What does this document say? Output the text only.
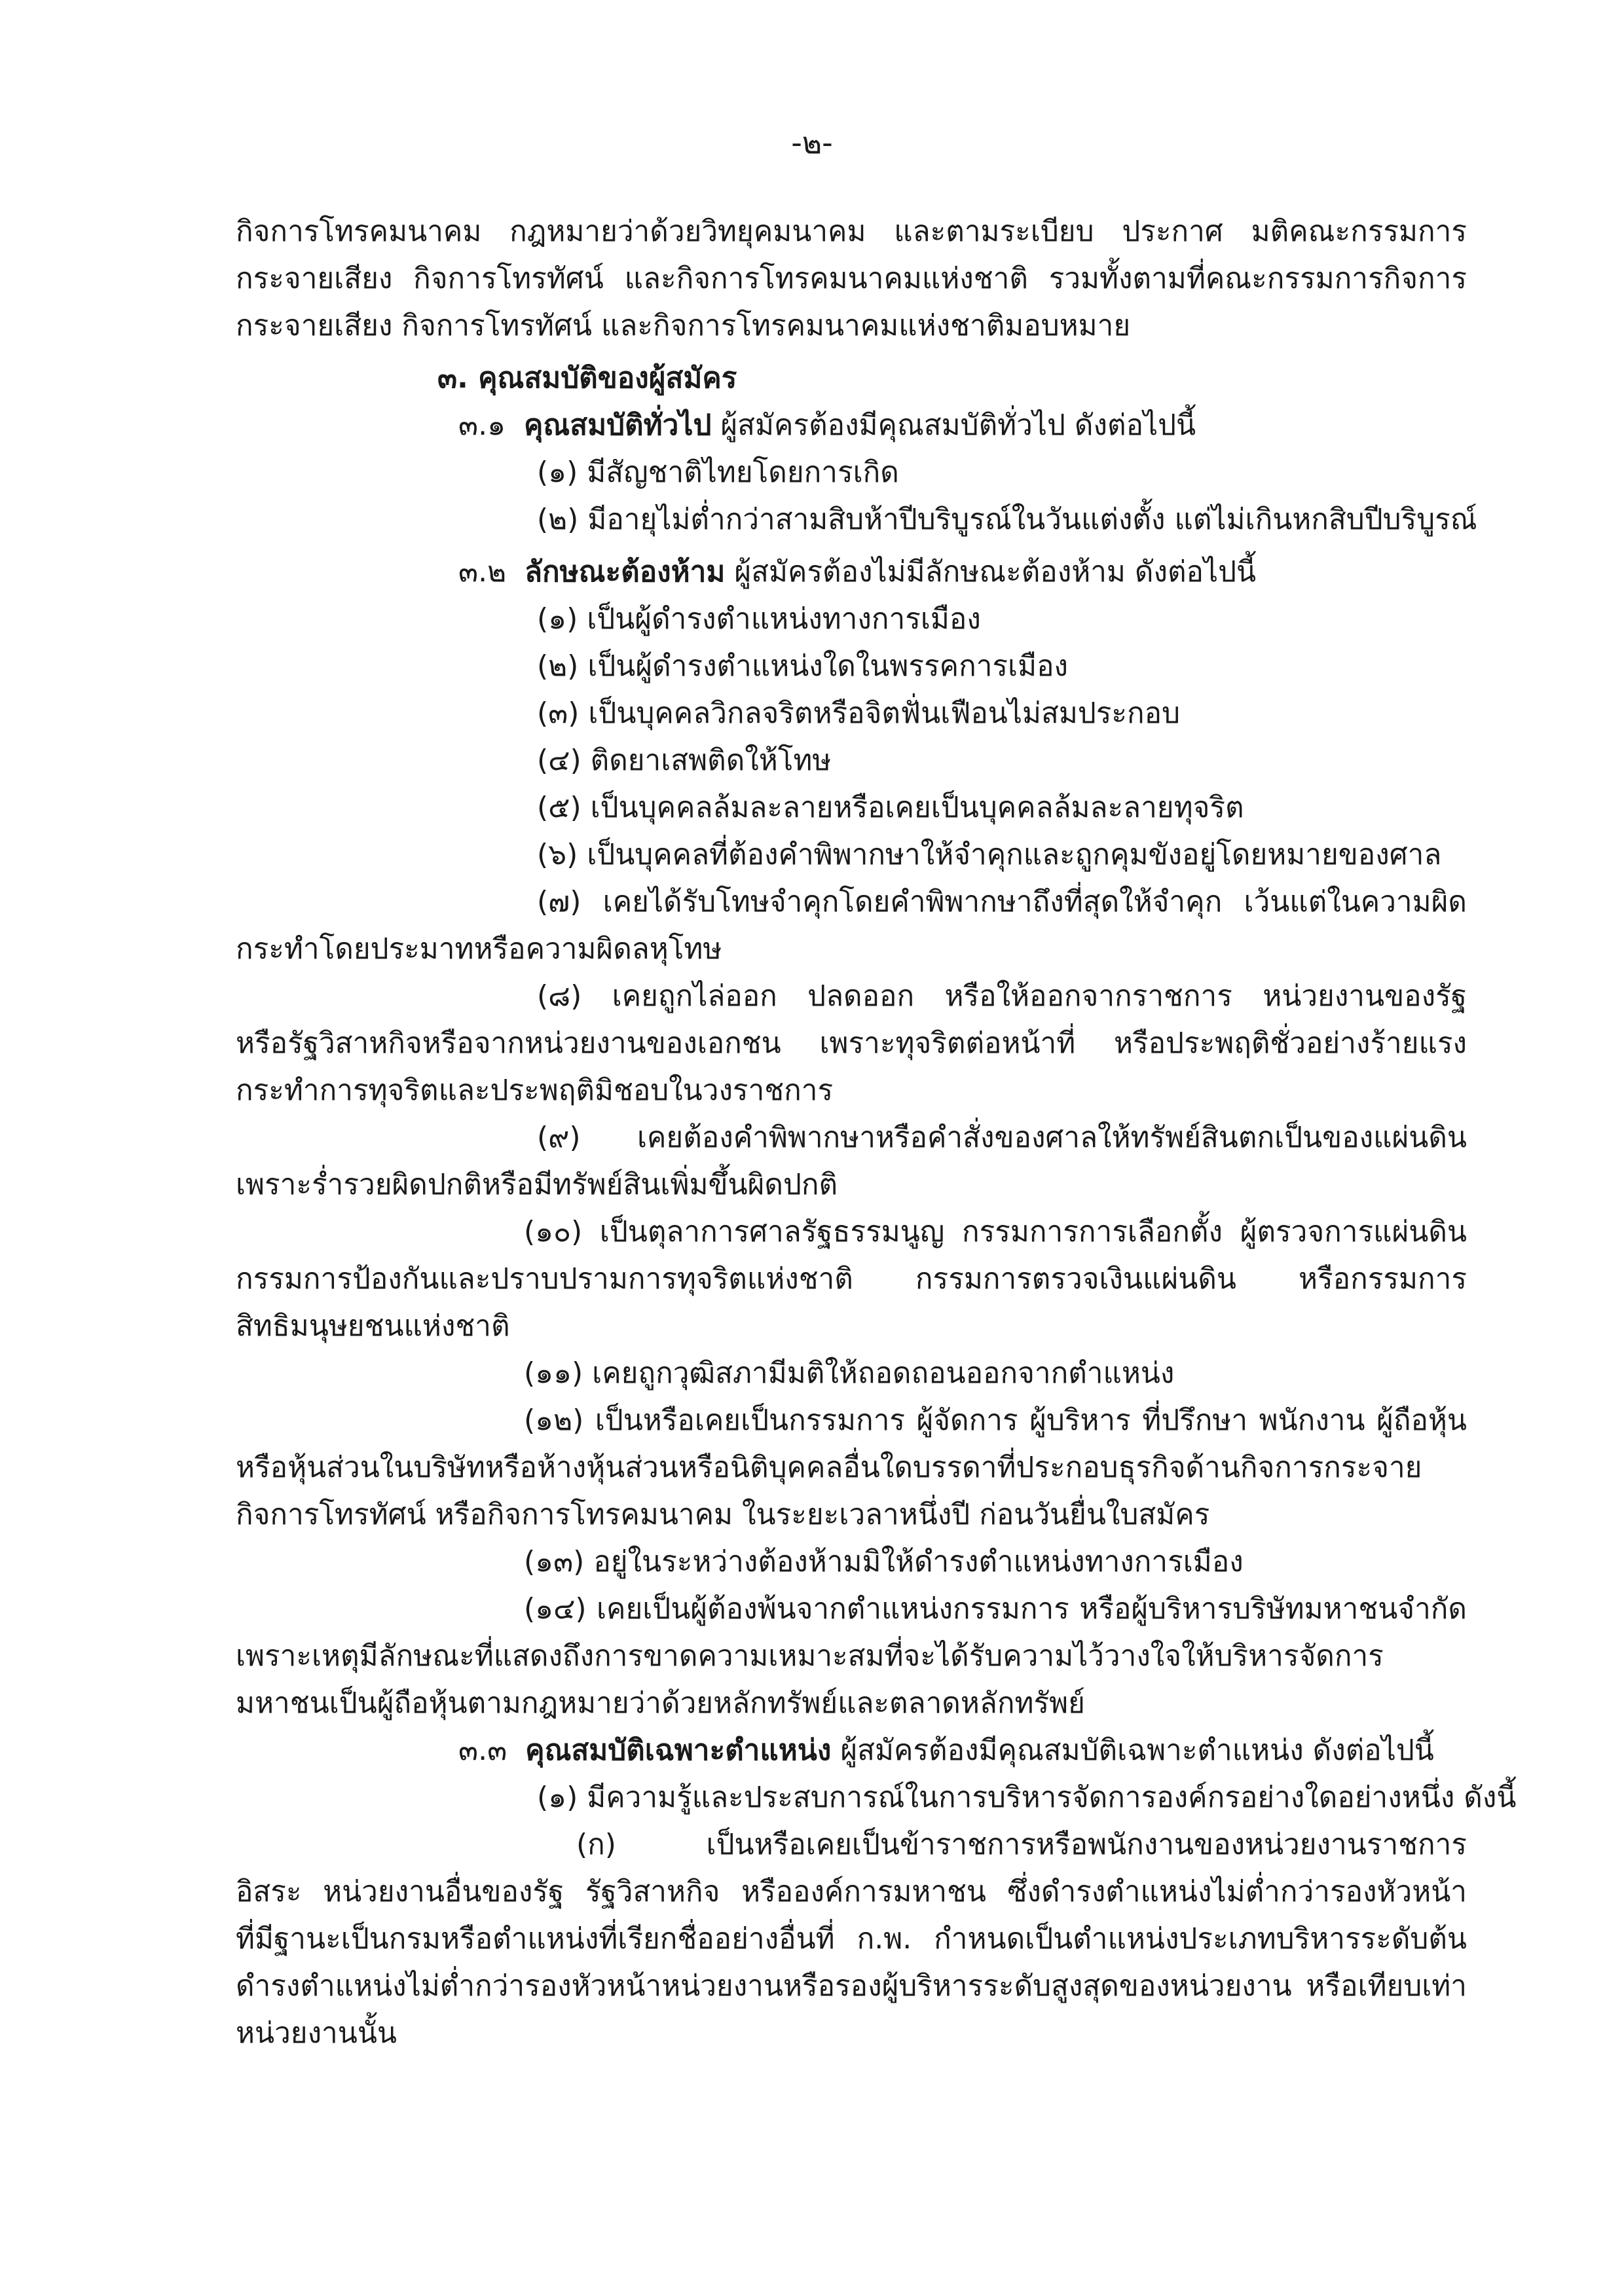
-๒-
กิจการโทรคมนาคม กฎหมายว่าด้วยวิทยุคมนาคม และตามระเบียบ ประกาศ มติคณะกรรมการ
กระจายเสียง กิจการโทรทัศน์ และกิจการโทรคมนาคมแห่งชาติ รวมทั้งตามที่คณะกรรมการกิจการ
กระจายเสียง กิจการโทรทัศน์ และกิจการโทรคมนาคมแห่งชาติมอบหมาย
๓. คุณสมบัติของผู้สมัคร
๓.๑ คุณสมบัติทั่วไป ผู้สมัครต้องมีคุณสมบัติทั่วไป ดังต่อไปนี้
(๑) มีสัญชาติไทยโดยการเกิด
(๒) มีอายุไม่ต่ำกว่าสามสิบห้าปีบริบูรณ์ในวันแต่งตั้ง แต่ไม่เกินหกสิบปีบริบูรณ์
๓.๒ ลักษณะต้องห้าม ผู้สมัครต้องไม่มีลักษณะต้องห้าม ดังต่อไปนี้
(๑) เป็นผู้ดำรงตำแหน่งทางการเมือง
(๒) เป็นผู้ดำรงตำแหน่งใดในพรรคการเมือง
(๓) เป็นบุคคลวิกลจริตหรือจิตฟั่นเฟือนไม่สมประกอบ
(๔) ติดยาเสพติดให้โทษ
(๕) เป็นบุคคลล้มละลายหรือเคยเป็นบุคคลล้มละลายทุจริต
(๖) เป็นบุคคลที่ต้องคำพิพากษาให้จำคุกและถูกคุมขังอยู่โดยหมายของศาล
(๗) เคยได้รับโทษจำคุกโดยคำพิพากษาถึงที่สุดให้จำคุก เว้นแต่ในความผิด
กระทำโดยประมาทหรือความผิดลหุโทษ
(๘) เคยถูกไล่ออก ปลดออก หรือให้ออกจากราชการ หน่วยงานของรัฐ
หรือรัฐวิสาหกิจหรือจากหน่วยงานของเอกชน เพราะทุจริตต่อหน้าที่ หรือประพฤติชั่วอย่างร้ายแรง
กระทำการทุจริตและประพฤติมิชอบในวงราชการ
(๙) เคยต้องคำพิพากษาหรือคำสั่งของศาลให้ทรัพย์สินตกเป็นของแผ่นดิน
เพราะร่ำรวยผิดปกติหรือมีทรัพย์สินเพิ่มขึ้นผิดปกติ
(๑๐) เป็นตุลาการศาลรัฐธรรมนูญ กรรมการการเลือกตั้ง ผู้ตรวจการแผ่นดิน
กรรมการป้องกันและปราบปรามการทุจริตแห่งชาติ กรรมการตรวจเงินแผ่นดิน หรือกรรมการ
สิทธิมนุษยชนแห่งชาติ
(๑๑) เคยถูกวุฒิสภามีมติให้ถอดถอนออกจากตำแหน่ง
(๑๒) เป็นหรือเคยเป็นกรรมการ ผู้จัดการ ผู้บริหาร ที่ปรึกษา พนักงาน ผู้ถือหุ้น
หรือหุ้นส่วนในบริษัทหรือห้างหุ้นส่วนหรือนิติบุคคลอื่นใดบรรดาที่ประกอบธุรกิจด้านกิจการกระจาย
กิจการโทรทัศน์ หรือกิจการโทรคมนาคม ในระยะเวลาหนึ่งปี ก่อนวันยื่นใบสมัคร
(๑๓) อยู่ในระหว่างต้องห้ามมิให้ดำรงตำแหน่งทางการเมือง
(๑๔) เคยเป็นผู้ต้องพ้นจากตำแหน่งกรรมการ หรือผู้บริหารบริษัทมหาชนจำกัด
เพราะเหตุมีลักษณะที่แสดงถึงการขาดความเหมาะสมที่จะได้รับความไว้วางใจให้บริหารจัดการ
มหาชนเป็นผู้ถือหุ้นตามกฎหมายว่าด้วยหลักทรัพย์และตลาดหลักทรัพย์
๓.๓ คุณสมบัติเฉพาะตำแหน่ง ผู้สมัครต้องมีคุณสมบัติเฉพาะตำแหน่ง ดังต่อไปนี้
(๑) มีความรู้และประสบการณ์ในการบริหารจัดการองค์กรอย่างใดอย่างหนึ่ง ดังนี้
(ก) เป็นหรือเคยเป็นข้าราชการหรือพนักงานของหน่วยงานราชการ
อิสระ หน่วยงานอื่นของรัฐ รัฐวิสาหกิจ หรือองค์การมหาชน ซึ่งดำรงตำแหน่งไม่ต่ำกว่ารองหัวหน้า
ที่มีฐานะเป็นกรมหรือตำแหน่งที่เรียกชื่ออย่างอื่นที่ ก.พ. กำหนดเป็นตำแหน่งประเภทบริหารระดับต้น
ดำรงตำแหน่งไม่ต่ำกว่ารองหัวหน้าหน่วยงานหรือรองผู้บริหารระดับสูงสุดของหน่วยงาน หรือเทียบเท่า
หน่วยงานนั้น
